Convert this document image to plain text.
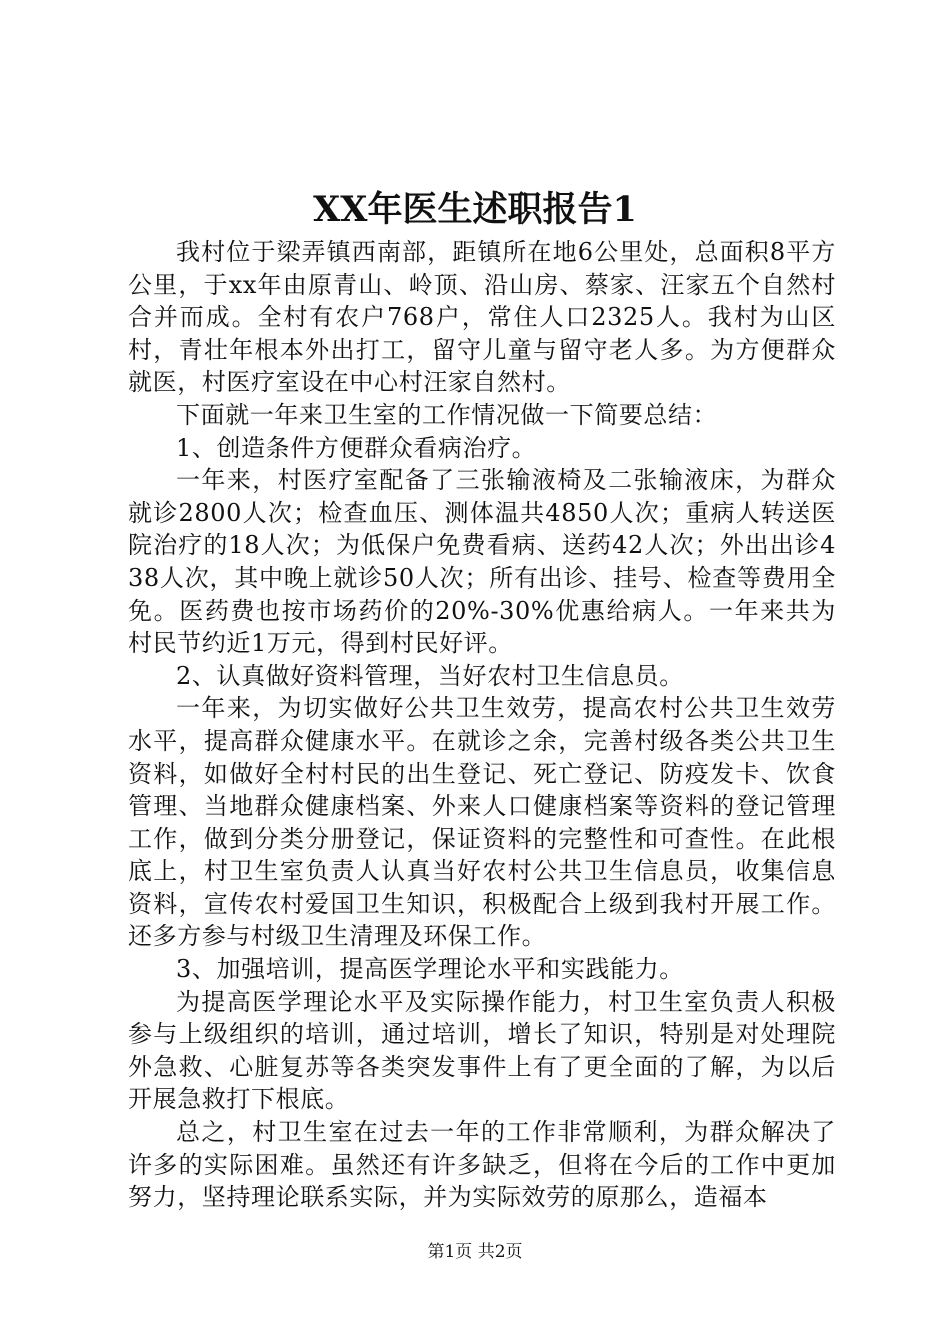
XX年医生述职报告1

我村位于梁弄镇西南部，距镇所在地6公里处，总面积8平方公里，于xx年由原青山、岭顶、沿山房、蔡家、汪家五个自然村合并而成。全村有农户768户，常住人口2325人。我村为山区村，青壮年根本外出打工，留守儿童与留守老人多。为方便群众就医，村医疗室设在中心村汪家自然村。

下面就一年来卫生室的工作情况做一下简要总结：

1、创造条件方便群众看病治疗。

一年来，村医疗室配备了三张输液椅及二张输液床，为群众就诊2800人次；检查血压、测体温共4850人次；重病人转送医院治疗的18人次；为低保户免费看病、送药42人次；外出出诊438人次，其中晚上就诊50人次；所有出诊、挂号、检查等费用全免。医药费也按市场药价的20%-30%优惠给病人。一年来共为村民节约近1万元，得到村民好评。

2、认真做好资料管理，当好农村卫生信息员。

一年来，为切实做好公共卫生效劳，提高农村公共卫生效劳水平，提高群众健康水平。在就诊之余，完善村级各类公共卫生资料，如做好全村村民的出生登记、死亡登记、防疫发卡、饮食管理、当地群众健康档案、外来人口健康档案等资料的登记管理工作，做到分类分册登记，保证资料的完整性和可查性。在此根底上，村卫生室负责人认真当好农村公共卫生信息员，收集信息资料，宣传农村爱国卫生知识，积极配合上级到我村开展工作。还多方参与村级卫生清理及环保工作。

3、加强培训，提高医学理论水平和实践能力。

为提高医学理论水平及实际操作能力，村卫生室负责人积极参与上级组织的培训，通过培训，增长了知识，特别是对处理院外急救、心脏复苏等各类突发事件上有了更全面的了解，为以后开展急救打下根底。

总之，村卫生室在过去一年的工作非常顺利，为群众解决了许多的实际困难。虽然还有许多缺乏，但将在今后的工作中更加努力，坚持理论联系实际，并为实际效劳的原那么，造福本

第1页 共2页
